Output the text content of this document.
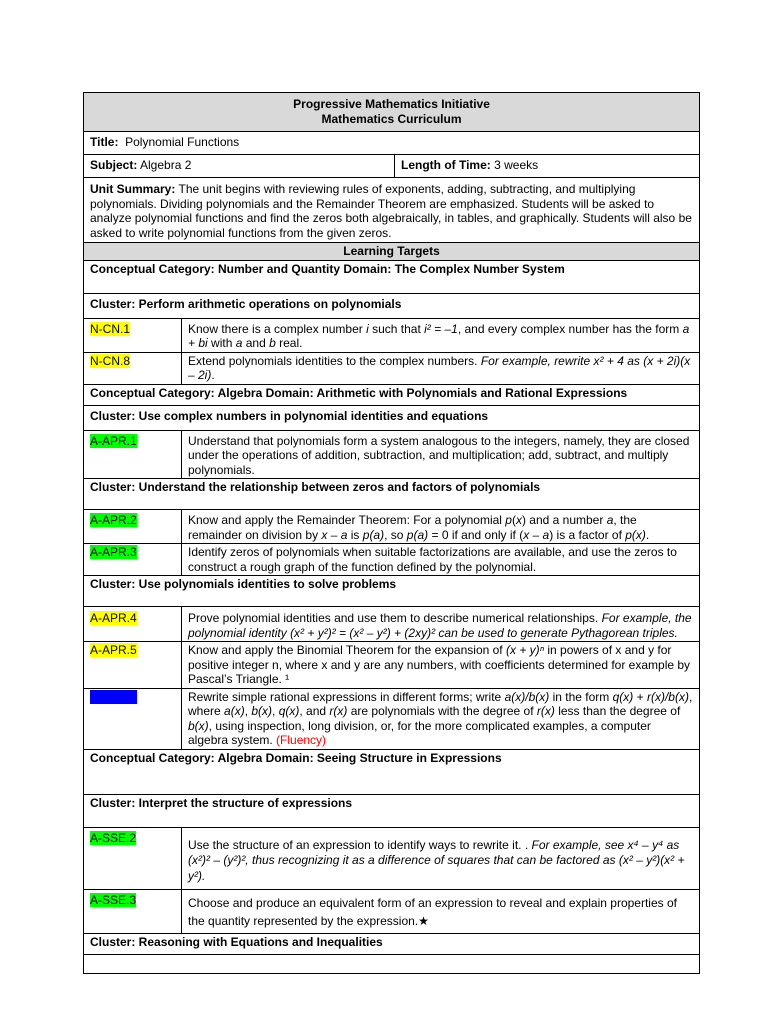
Progressive Mathematics Initiative
Mathematics Curriculum		

Title: Polynomial Functions		
Subject: Algebra 2		Length of Time: 3 weeks
Unit Summary: The unit begins with reviewing rules of exponents, adding, subtracting, and multiplying polynomials. Dividing polynomials and the Remainder Theorem are emphasized. Students will be asked to analyze polynomial functions and find the zeros both algebraically, in tables, and graphically. Students will also be asked to write polynomial functions from the given zeros.		
Learning Targets		
Conceptual Category: Number and Quantity Domain: The Complex Number System		
Cluster: Perform arithmetic operations on polynomials		
N-CN.1	Know there is a complex number i such that i² = –1, and every complex number has the form a + bi with a and b real.	
N-CN.8	Extend polynomials identities to the complex numbers. For example, rewrite x² + 4 as (x + 2i)(x – 2i).	
Conceptual Category: Algebra Domain: Arithmetic with Polynomials and Rational Expressions		
Cluster: Use complex numbers in polynomial identities and equations		
A-APR.1	Understand that polynomials form a system analogous to the integers, namely, they are closed under the operations of addition, subtraction, and multiplication; add, subtract, and multiply polynomials.	
Cluster: Understand the relationship between zeros and factors of polynomials		
A-APR.2	Know and apply the Remainder Theorem: For a polynomial p(x) and a number a, the remainder on division by x – a is p(a), so p(a) = 0 if and only if (x – a) is a factor of p(x).	
A-APR.3	Identify zeros of polynomials when suitable factorizations are available, and use the zeros to construct a rough graph of the function defined by the polynomial.	
Cluster: Use polynomials identities to solve problems		
A-APR.4	Prove polynomial identities and use them to describe numerical relationships. For example, the polynomial identity (x² + y²)² = (x² – y²) + (2xy)² can be used to generate Pythagorean triples.	
A-APR.5	Know and apply the Binomial Theorem for the expansion of (x + y)ⁿ in powers of x and y for positive integer n, where x and y are any numbers, with coefficients determined for example by Pascal’s Triangle. ¹	
A-APR.6	Rewrite simple rational expressions in different forms; write a(x)/b(x) in the form q(x) + r(x)/b(x), where a(x), b(x), q(x), and r(x) are polynomials with the degree of r(x) less than the degree of b(x), using inspection, long division, or, for the more complicated examples, a computer algebra system. (Fluency)	
Conceptual Category: Algebra Domain: Seeing Structure in Expressions		
Cluster: Interpret the structure of expressions		
A-SSE.2	Use the structure of an expression to identify ways to rewrite it. . For example, see x⁴ – y⁴ as (x²)² – (y²)², thus recognizing it as a difference of squares that can be factored as (x² – y²)(x² + y²).	
A-SSE.3	Choose and produce an equivalent form of an expression to reveal and explain properties of the quantity represented by the expression.★	
Cluster: Reasoning with Equations and Inequalities		
